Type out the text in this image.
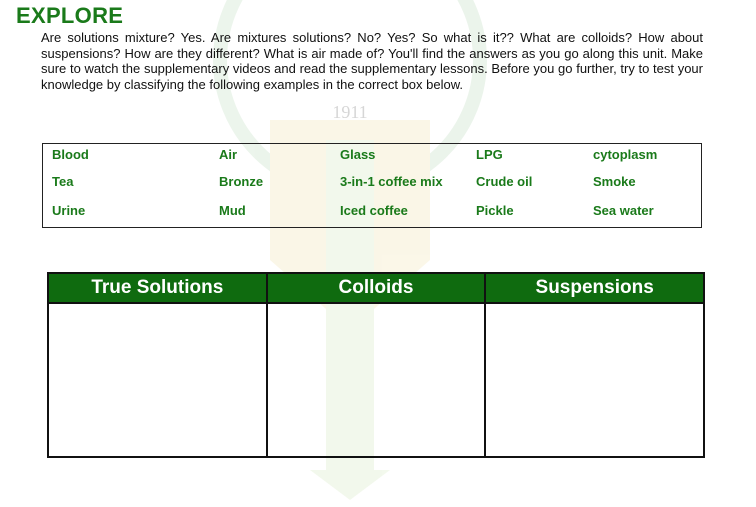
1911
EXPLORE
Are solutions mixture? Yes. Are mixtures solutions? No? Yes? So what is it?? What are colloids? How about suspensions? How are they different? What is air made of? You'll find the answers as you go along this unit. Make sure to watch the supplementary videos and read the supplementary lessons. Before you go further, try to test your knowledge by classifying the following examples in the correct box below.
Blood	Air	Glass	LPG	cytoplasm
Tea	Bronze	3-in-1 coffee mix	Crude oil	Smoke
Urine	Mud	Iced coffee	Pickle	Sea water
True Solutions	Colloids	Suspensions
